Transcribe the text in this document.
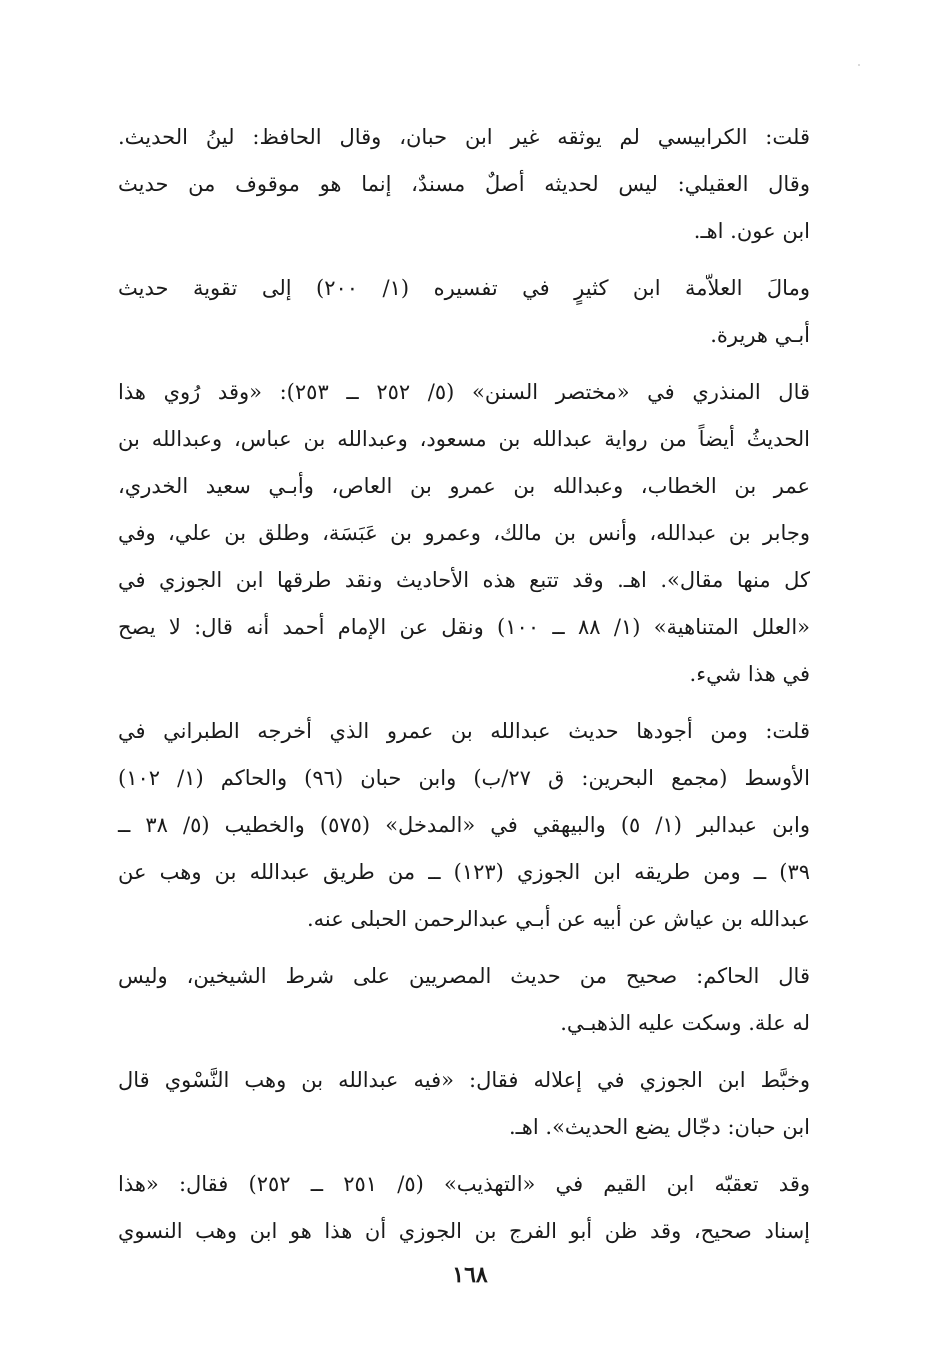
قلت: الكرابيسي لم يوثقه غير ابن حبان، وقال الحافظ: لينُ الحديث.
وقال العقيلي: ليس لحديثه أصلٌ مسندٌ، إنما هو موقوف من حديث
ابن عون. اهـ.
ومالَ العلاّمة ابن كثيرٍ في تفسيره (١/ ٢٠٠) إلى تقوية حديث
أبـي هريرة.
قال المنذري في «مختصر السنن» (٥/ ٢٥٢ ــ ٢٥٣): «وقد رُوي هذا
الحديثُ أيضاً من رواية عبدالله بن مسعود، وعبدالله بن عباس، وعبدالله بن
عمر بن الخطاب، وعبدالله بن عمرو بن العاص، وأبـي سعيد الخدري،
وجابر بن عبدالله، وأنس بن مالك، وعمرو بن عَبَسَة، وطلق بن علي، وفي
كل منها مقال». اهـ. وقد تتبع هذه الأحاديث ونقد طرقها ابن الجوزي في
«العلل المتناهية» (١/ ٨٨ ــ ١٠٠) ونقل عن الإمام أحمد أنه قال: لا يصح
في هذا شيء.
قلت: ومن أجودها حديث عبدالله بن عمرو الذي أخرجه الطبراني في
الأوسط (مجمع البحرين: ق ٢٧/ب) وابن حبان (٩٦) والحاكم (١/ ١٠٢)
وابن عبدالبر (١/ ٥) والبيهقي في «المدخل» (٥٧٥) والخطيب (٥/ ٣٨ ــ
٣٩) ــ ومن طريقه ابن الجوزي (١٢٣) ــ من طريق عبدالله بن وهب عن
عبدالله بن عياش عن أبيه عن أبـي عبدالرحمن الحبلى عنه.
قال الحاكم: صحيح من حديث المصريين على شرط الشيخين، وليس
له علة. وسكت عليه الذهبـي.
وخبَّط ابن الجوزي في إعلاله فقال: «فيه عبدالله بن وهب النَّسْوي قال
ابن حبان: دجّال يضع الحديث». اهـ.
وقد تعقبّه ابن القيم في «التهذيب» (٥/ ٢٥١ ــ ٢٥٢) فقال: «هذا
إسناد صحيح، وقد ظن أبو الفرج بن الجوزي أن هذا هو ابن وهب النسوي
١٦٨
